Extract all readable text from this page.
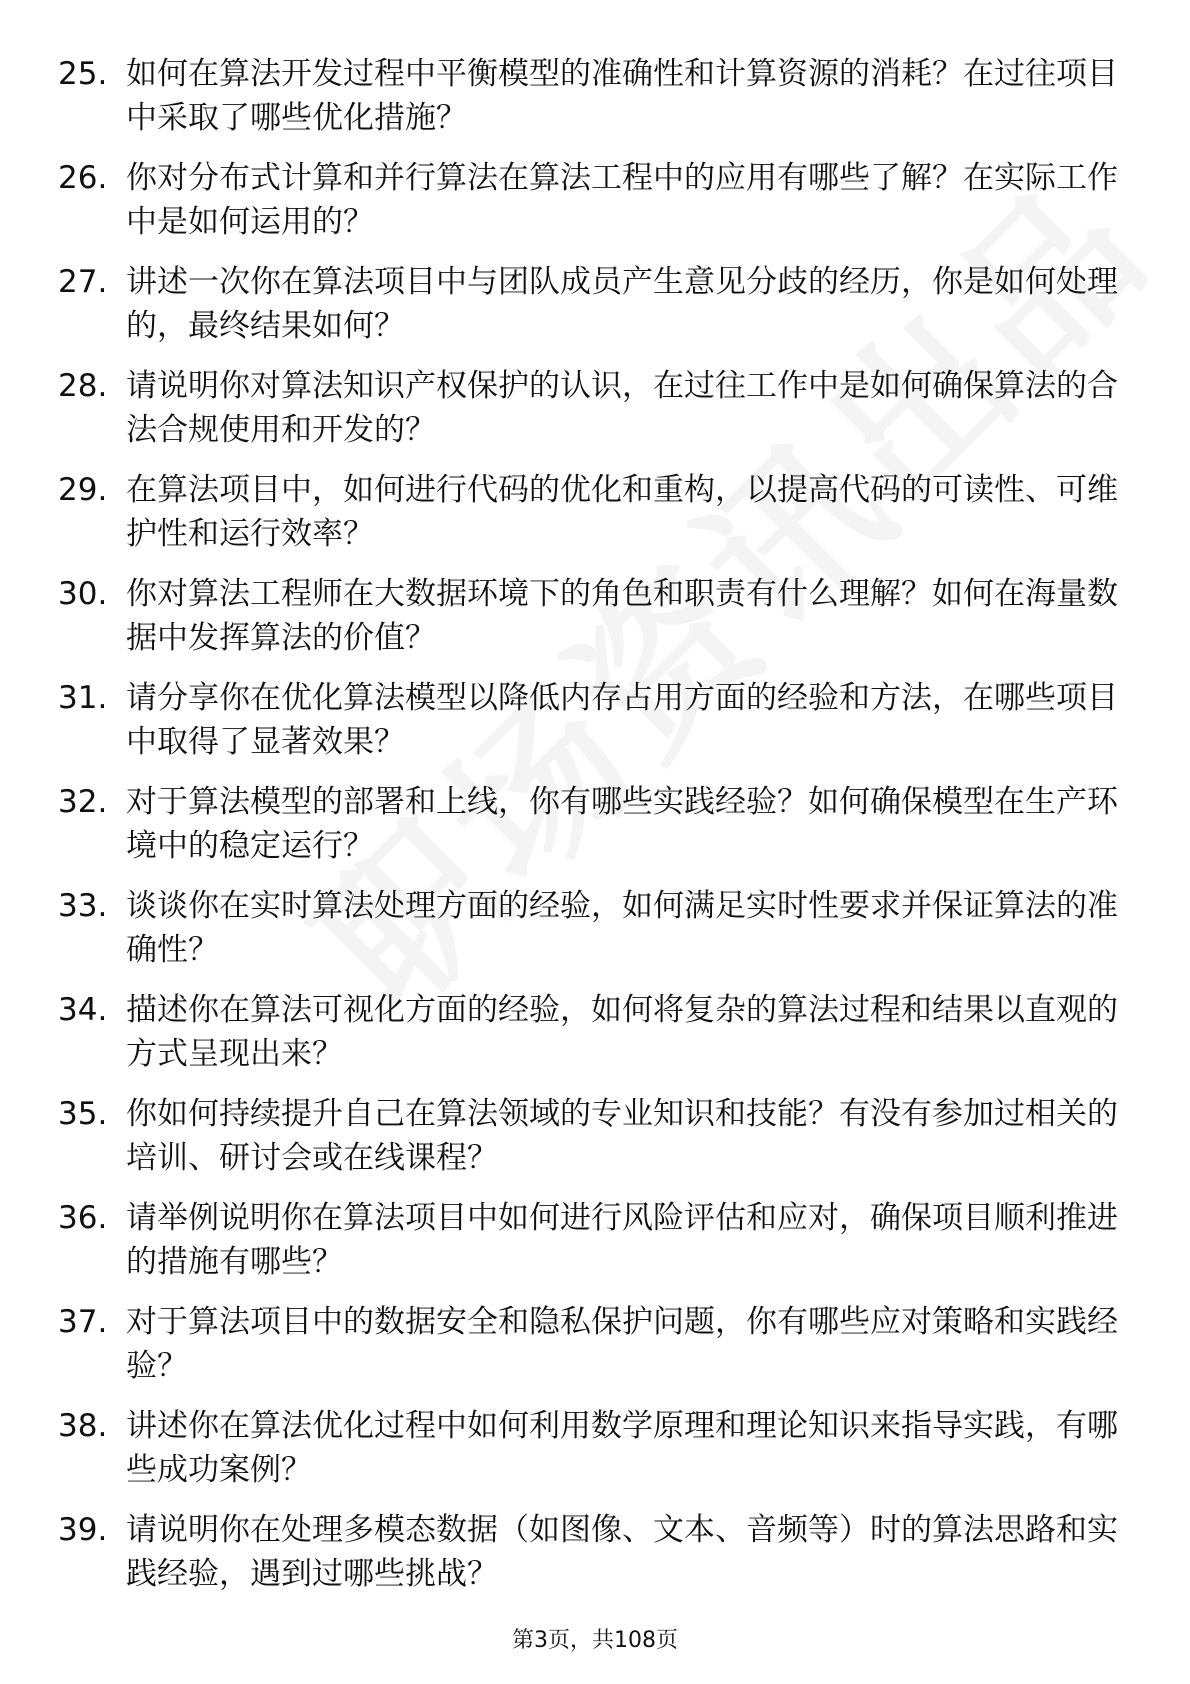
25. 如何在算法开发过程中平衡模型的准确性和计算资源的消耗？在过往项目中采取了哪些优化措施？
26. 你对分布式计算和并行算法在算法工程中的应用有哪些了解？在实际工作中是如何运用的？
27. 讲述一次你在算法项目中与团队成员产生意见分歧的经历，你是如何处理的，最终结果如何？
28. 请说明你对算法知识产权保护的认识，在过往工作中是如何确保算法的合法合规使用和开发的？
29. 在算法项目中，如何进行代码的优化和重构，以提高代码的可读性、可维护性和运行效率？
30. 你对算法工程师在大数据环境下的角色和职责有什么理解？如何在海量数据中发挥算法的价值？
31. 请分享你在优化算法模型以降低内存占用方面的经验和方法，在哪些项目中取得了显著效果？
32. 对于算法模型的部署和上线，你有哪些实践经验？如何确保模型在生产环境中的稳定运行？
33. 谈谈你在实时算法处理方面的经验，如何满足实时性要求并保证算法的准确性？
34. 描述你在算法可视化方面的经验，如何将复杂的算法过程和结果以直观的方式呈现出来？
35. 你如何持续提升自己在算法领域的专业知识和技能？有没有参加过相关的培训、研讨会或在线课程？
36. 请举例说明你在算法项目中如何进行风险评估和应对，确保项目顺利推进的措施有哪些？
37. 对于算法项目中的数据安全和隐私保护问题，你有哪些应对策略和实践经验？
38. 讲述你在算法优化过程中如何利用数学原理和理论知识来指导实践，有哪些成功案例？
39. 请说明你在处理多模态数据（如图像、文本、音频等）时的算法思路和实践经验，遇到过哪些挑战？
第3页，共108页
